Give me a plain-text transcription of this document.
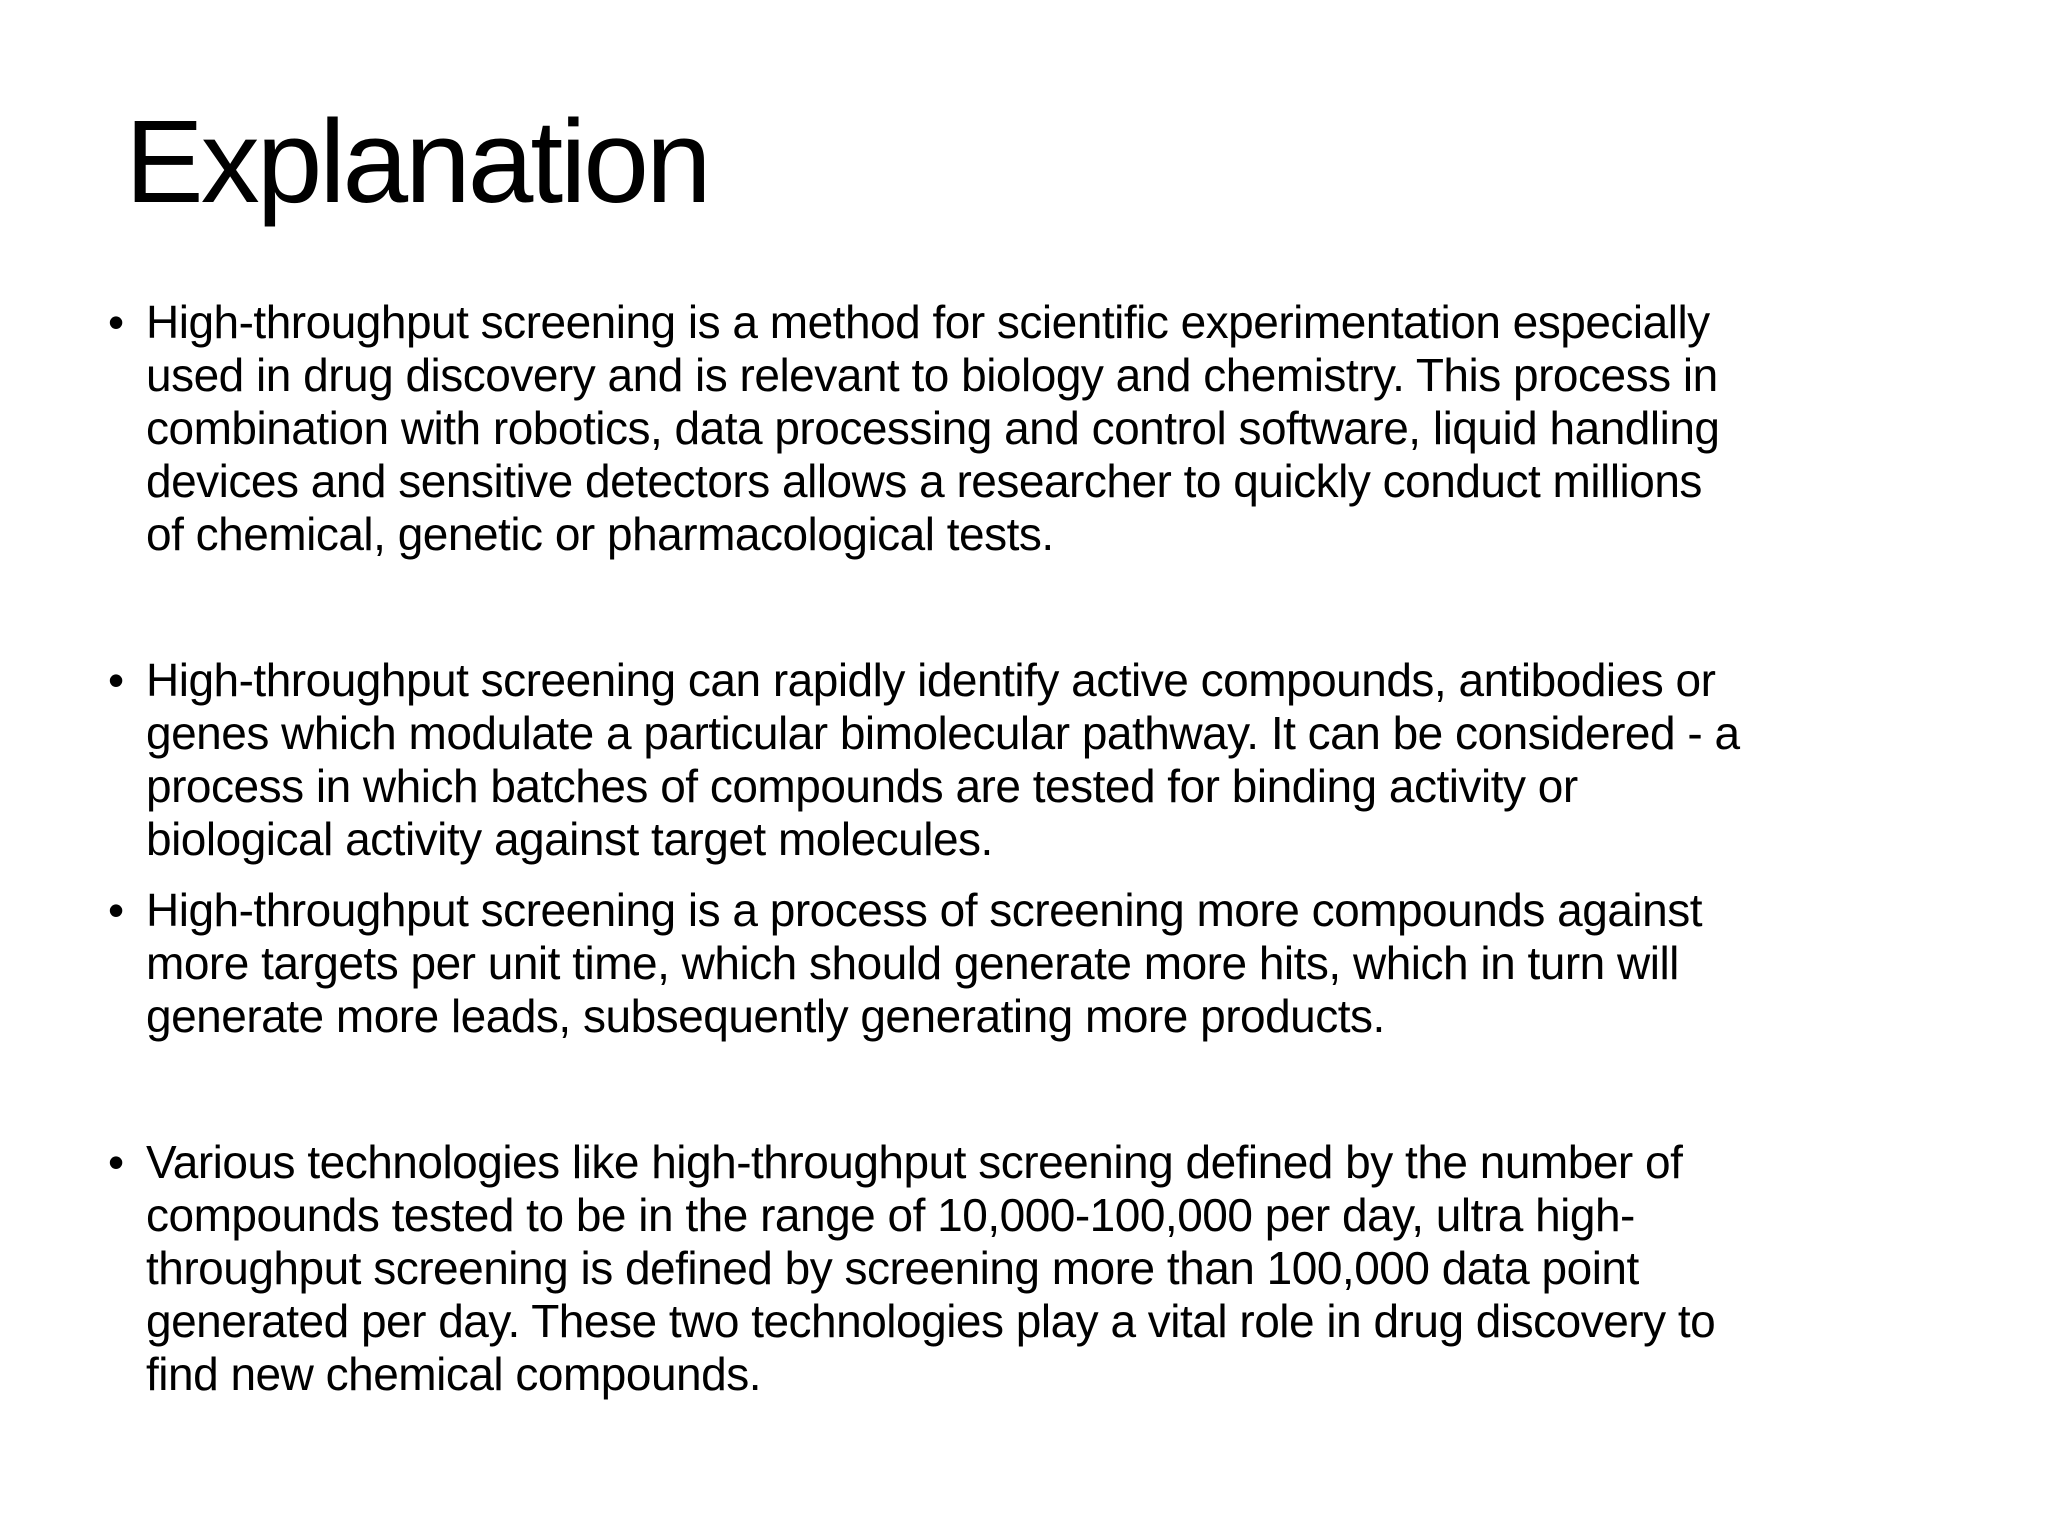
Explanation
• High-throughput screening is a method for scientific experimentation especially
used in drug discovery and is relevant to biology and chemistry. This process in
combination with robotics, data processing and control software, liquid handling
devices and sensitive detectors allows a researcher to quickly conduct millions
of chemical, genetic or pharmacological tests.
• High-throughput screening can rapidly identify active compounds, antibodies or
genes which modulate a particular bimolecular pathway. It can be considered - a
process in which batches of compounds are tested for binding activity or
biological activity against target molecules.
• High-throughput screening is a process of screening more compounds against
more targets per unit time, which should generate more hits, which in turn will
generate more leads, subsequently generating more products.
• Various technologies like high-throughput screening defined by the number of
compounds tested to be in the range of 10,000-100,000 per day, ultra high-
throughput screening is defined by screening more than 100,000 data point
generated per day. These two technologies play a vital role in drug discovery to
find new chemical compounds.
